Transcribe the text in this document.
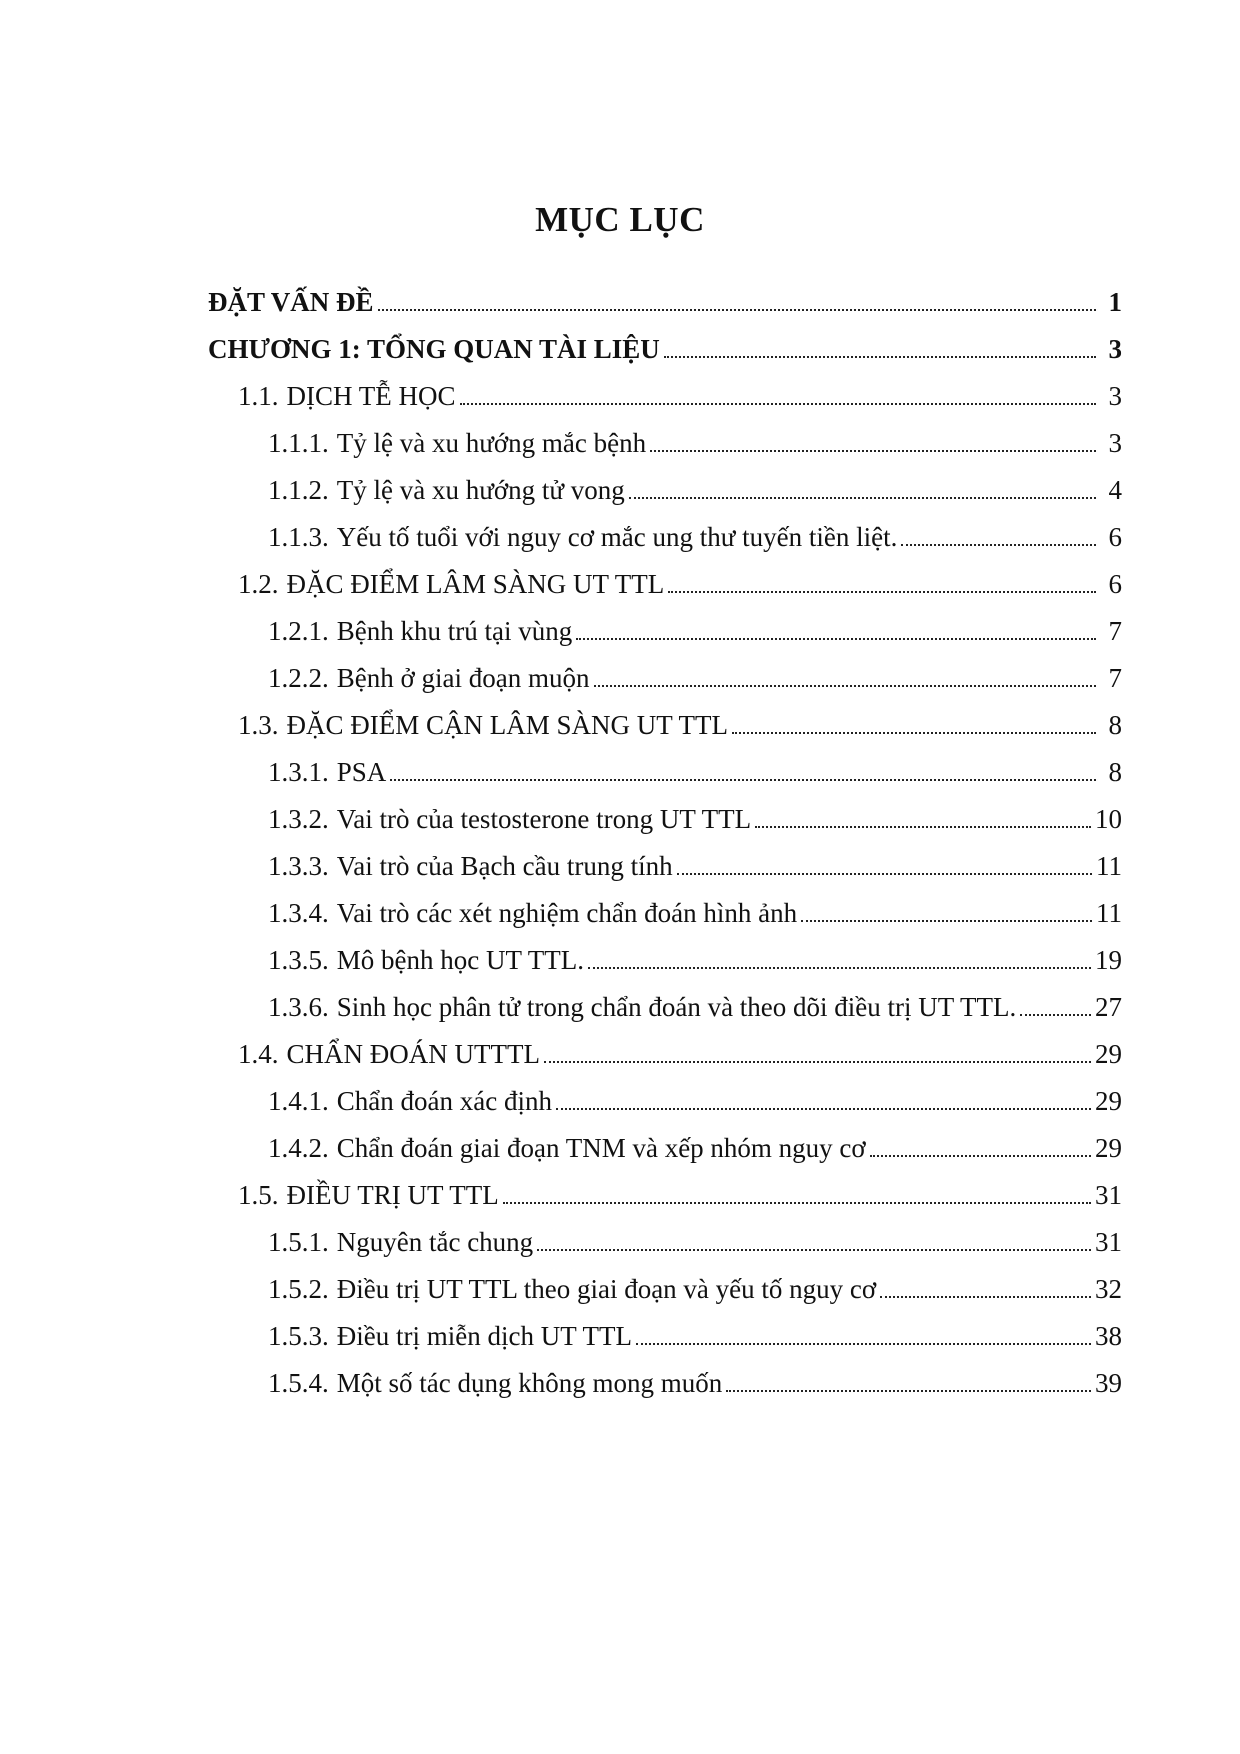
MỤC LỤC
ĐẶT VẤN ĐỀ	1
CHƯƠNG 1: TỔNG QUAN TÀI LIỆU	3
1.1. DỊCH TỄ HỌC	3
1.1.1. Tỷ lệ và xu hướng mắc bệnh	3
1.1.2. Tỷ lệ và xu hướng tử vong	4
1.1.3. Yếu tố tuổi với nguy cơ mắc ung thư tuyến tiền liệt.	6
1.2. ĐẶC ĐIỂM LÂM SÀNG UT TTL	6
1.2.1. Bệnh khu trú tại vùng	7
1.2.2. Bệnh ở giai đoạn muộn	7
1.3. ĐẶC ĐIỂM CẬN LÂM SÀNG UT TTL	8
1.3.1. PSA	8
1.3.2. Vai trò của testosterone trong UT TTL	10
1.3.3. Vai trò của Bạch cầu trung tính	11
1.3.4. Vai trò các xét nghiệm chẩn đoán hình ảnh	11
1.3.5. Mô bệnh học UT TTL.	19
1.3.6. Sinh học phân tử trong chẩn đoán và theo dõi điều trị UT TTL.	27
1.4. CHẨN ĐOÁN UTTTL	29
1.4.1. Chẩn đoán xác định	29
1.4.2. Chẩn đoán giai đoạn TNM và xếp nhóm nguy cơ	29
1.5. ĐIỀU TRỊ UT TTL	31
1.5.1. Nguyên tắc chung	31
1.5.2. Điều trị UT TTL theo giai đoạn và yếu tố nguy cơ	32
1.5.3. Điều trị miễn dịch UT TTL	38
1.5.4. Một số tác dụng không mong muốn	39
